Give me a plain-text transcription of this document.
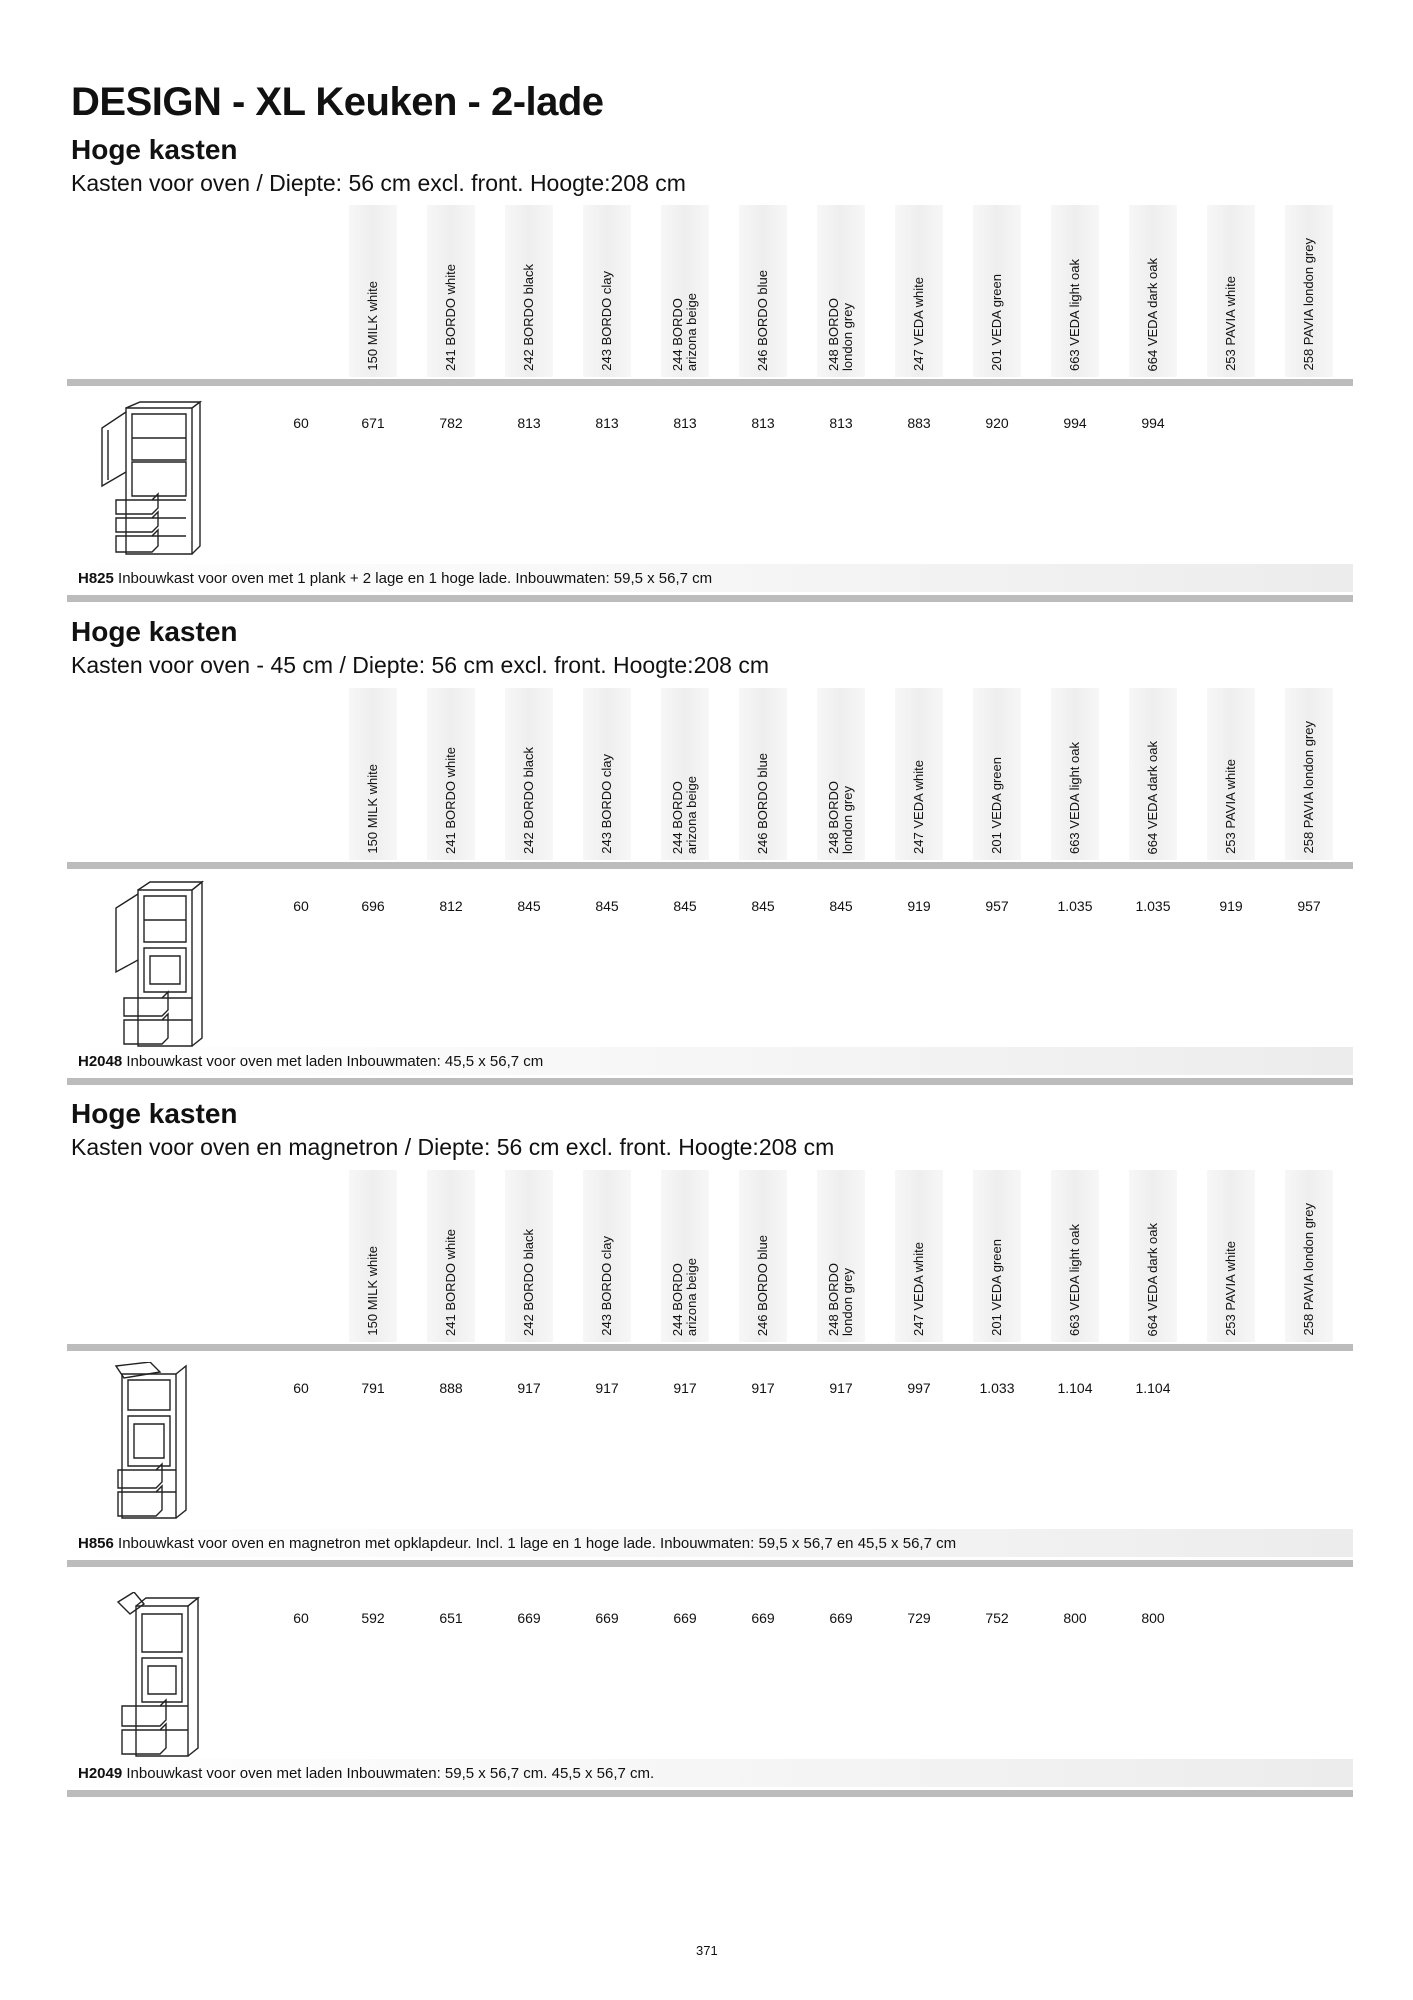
DESIGN - XL Keuken - 2-lade
Hoge kasten
Kasten voor oven / Diepte: 56 cm excl. front. Hoogte:208 cm
150 MILK white	241 BORDO white	242 BORDO black	243 BORDO clay	244 BORDO
arizona beige	246 BORDO blue	248 BORDO
london grey	247 VEDA white	201 VEDA green	663 VEDA light oak	664 VEDA dark oak	253 PAVIA white	258 PAVIA london grey
60	671	782	813	813	813	813	813	883	920	994	994
H825 Inbouwkast voor oven met 1 plank + 2 lage en 1 hoge lade. Inbouwmaten: 59,5 x 56,7 cm
Hoge kasten
Kasten voor oven - 45 cm / Diepte: 56 cm excl. front. Hoogte:208 cm
150 MILK white	241 BORDO white	242 BORDO black	243 BORDO clay	244 BORDO
arizona beige	246 BORDO blue	248 BORDO
london grey	247 VEDA white	201 VEDA green	663 VEDA light oak	664 VEDA dark oak	253 PAVIA white	258 PAVIA london grey
60	696	812	845	845	845	845	845	919	957	1.035	1.035	919	957
H2048 Inbouwkast voor oven met laden Inbouwmaten: 45,5 x 56,7 cm
Hoge kasten
Kasten voor oven en magnetron / Diepte: 56 cm excl. front. Hoogte:208 cm
150 MILK white	241 BORDO white	242 BORDO black	243 BORDO clay	244 BORDO
arizona beige	246 BORDO blue	248 BORDO
london grey	247 VEDA white	201 VEDA green	663 VEDA light oak	664 VEDA dark oak	253 PAVIA white	258 PAVIA london grey
60	791	888	917	917	917	917	917	997	1.033	1.104	1.104
H856 Inbouwkast voor oven en magnetron met opklapdeur. Incl. 1 lage en 1 hoge lade. Inbouwmaten: 59,5 x 56,7 en 45,5 x 56,7 cm
60	592	651	669	669	669	669	669	729	752	800	800
H2049 Inbouwkast voor oven met laden Inbouwmaten: 59,5 x 56,7 cm. 45,5 x 56,7 cm.
371
